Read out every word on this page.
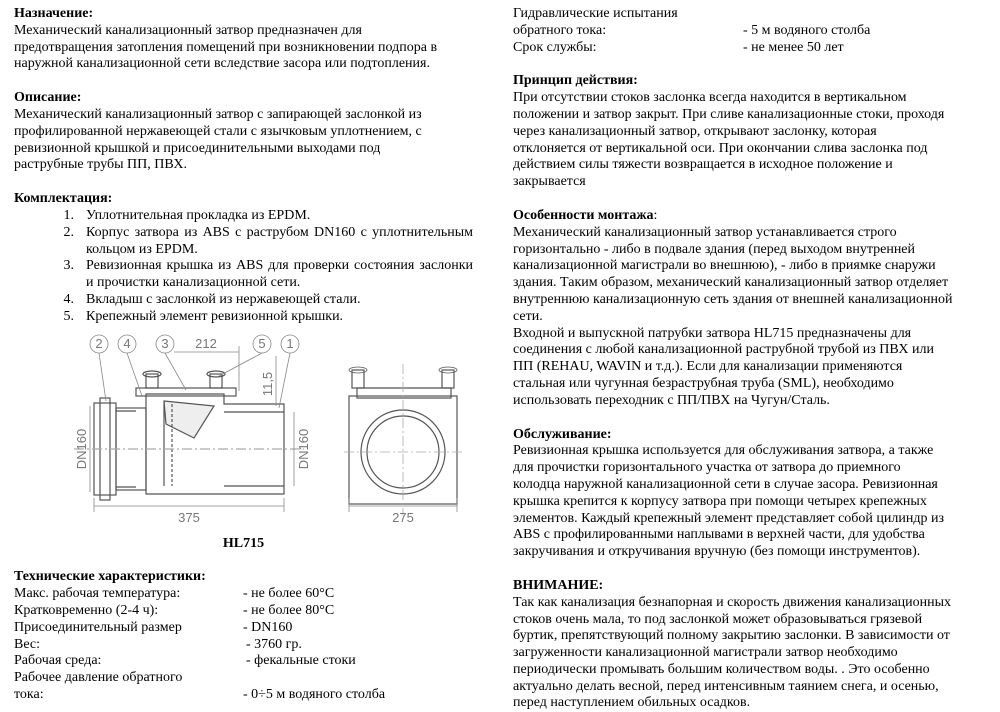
Назначение:

Механический канализационный затвор предназначен для

предотвращения затопления помещений при возникновении подпора в

наружной канализационной сети вследствие засора или подтопления.

Описание:

Механический канализационный затвор с запирающей заслонкой из

профилированной нержавеющей стали с язычковым уплотнением, с

ревизионной крышкой и присоединительными выходами под

раструбные трубы ПП, ПВХ.

Комплектация:

1. Уплотнительная прокладка из EPDM.
2. Корпус затвора из ABS с раструбом DN160 с уплотнительным кольцом из EPDM.
3. Ревизионная крышка из ABS для проверки состояния заслонки и прочистки канализационной сети.
4. Вкладыш с заслонкой из нержавеющей стали.
5. Крепежный элемент ревизионной крышки.
2 4 3	5 1
212
11,5
DN160	DN160
375	275

HL715

Технические характеристики:

Макс. рабочая температура:	- не более 60°С
Кратковременно (2-4 ч):	- не более 80°С
Присоединительный размер	- DN160
Вес:	- 3760 гр.
Рабочая среда:	- фекальные стоки
Рабочее давление обратного
тока:	- 0÷5 м водяного столба
Гидравлические испытания
обратного тока:	- 5 м водяного столба
Срок службы:	- не менее 50 лет

Принцип действия:

При отсутствии стоков заслонка всегда находится в вертикальном

положении и затвор закрыт. При сливе канализационные стоки, проходя

через канализационный затвор, открывают заслонку, которая

отклоняется от вертикальной оси. При окончании слива заслонка под

действием силы тяжести возвращается в исходное положение и

закрывается

Особенности монтажа:

Механический канализационный затвор устанавливается строго

горизонтально - либо в подвале здания (перед выходом внутренней

канализационной магистрали во внешнюю), - либо в приямке снаружи

здания. Таким образом, механический канализационный затвор отделяет

внутреннюю канализационную сеть здания от внешней канализационной

сети.

Входной и выпускной патрубки затвора HL715 предназначены для

соединения с любой канализационной раструбной трубой из ПВХ или

ПП (REHAU, WAVIN и т.д.). Если для канализации применяются

стальная или чугунная безраструбная труба (SML), необходимо

использовать переходник с ПП/ПВХ на Чугун/Сталь.

Обслуживание:

Ревизионная крышка используется для обслуживания затвора, а также

для прочистки горизонтального участка от затвора до приемного

колодца наружной канализационной сети в случае засора. Ревизионная

крышка крепится к корпусу затвора при помощи четырех крепежных

элементов. Каждый крепежный элемент представляет собой цилиндр из

ABS с профилированными наплывами в верхней части, для удобства

закручивания и откручивания вручную (без помощи инструментов).

ВНИМАНИЕ:

Так как канализация безнапорная и скорость движения канализационных

стоков очень мала, то под заслонкой может образовываться грязевой

буртик, препятствующий полному закрытию заслонки. В зависимости от

загруженности канализационной магистрали затвор необходимо

периодически промывать большим количеством воды. . Это особенно

актуально делать весной, перед интенсивным таянием снега, и осенью,

перед наступлением обильных осадков.
